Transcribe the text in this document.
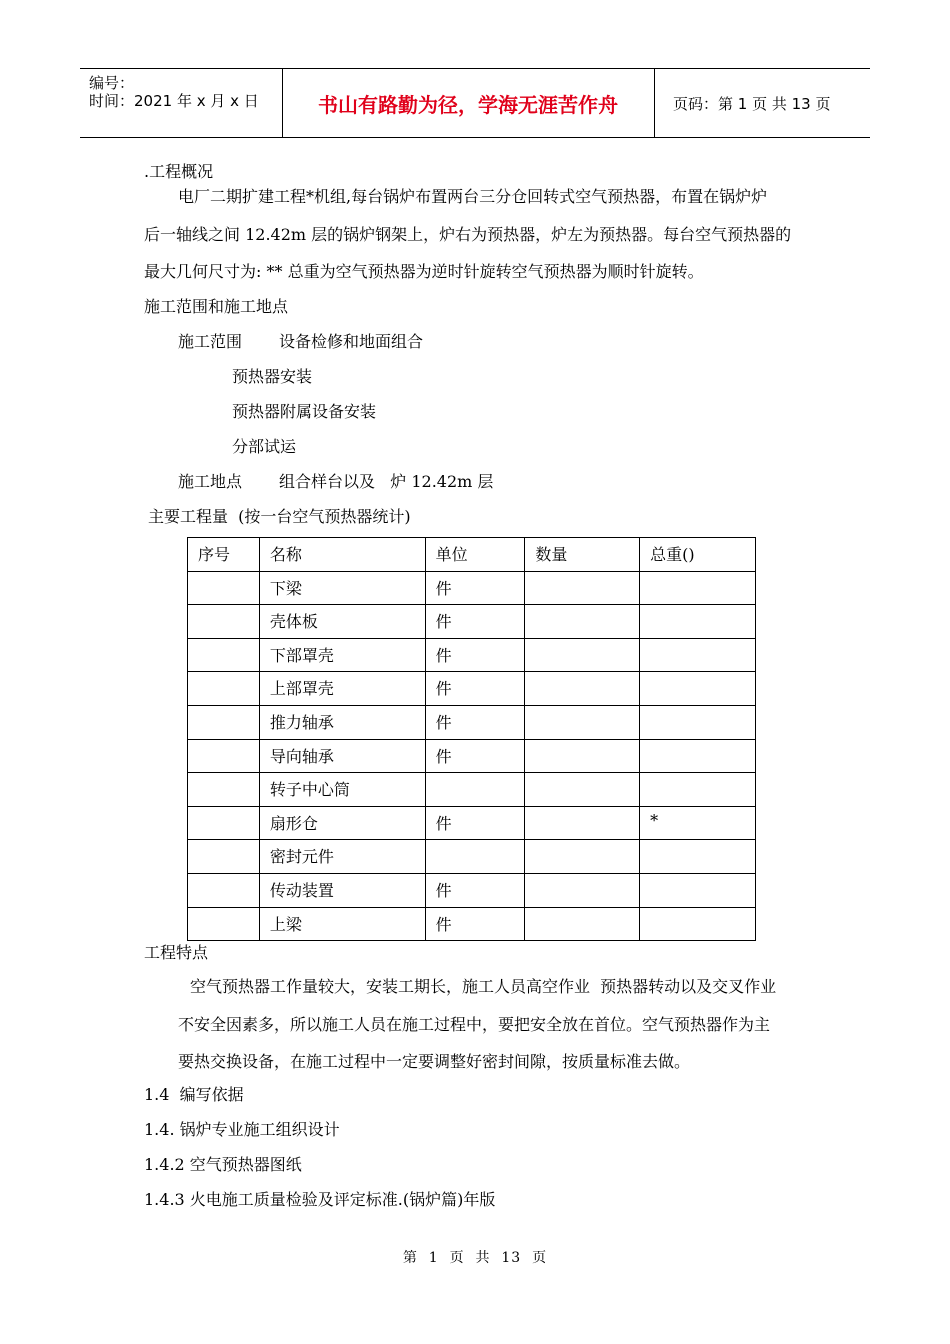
编号：
时间：2021 年 x 月 x 日	书山有路勤为径，学海无涯苦作舟	页码：第 1 页 共 13 页
.工程概况
电厂二期扩建工程*机组,每台锅炉布置两台三分仓回转式空气预热器，布置在锅炉炉
后一轴线之间 12.42m 层的锅炉钢架上，炉右为预热器，炉左为预热器。每台空气预热器的
最大几何尺寸为: ** 总重为空气预热器为逆时针旋转空气预热器为顺时针旋转。
施工范围和施工地点
施工范围 设备检修和地面组合
预热器安装
预热器附属设备安装
分部试运
施工地点 组合样台以及   炉 12.42m 层
主要工程量  (按一台空气预热器统计)
序号	名称	单位	数量	总重()
	下梁	件		
	壳体板	件		
	下部罩壳	件		
	上部罩壳	件		
	推力轴承	件		
	导向轴承	件		
	转子中心筒			
	扇形仓	件		*
	密封元件			
	传动装置	件		
	上梁	件		
工程特点
空气预热器工作量较大，安装工期长，施工人员高空作业  预热器转动以及交叉作业
不安全因素多，所以施工人员在施工过程中，要把安全放在首位。空气预热器作为主
要热交换设备，在施工过程中一定要调整好密封间隙，按质量标准去做。
1.4  编写依据
1.4. 锅炉专业施工组织设计
1.4.2 空气预热器图纸
1.4.3 火电施工质量检验及评定标准.(锅炉篇)年版
第  1  页  共  13  页
